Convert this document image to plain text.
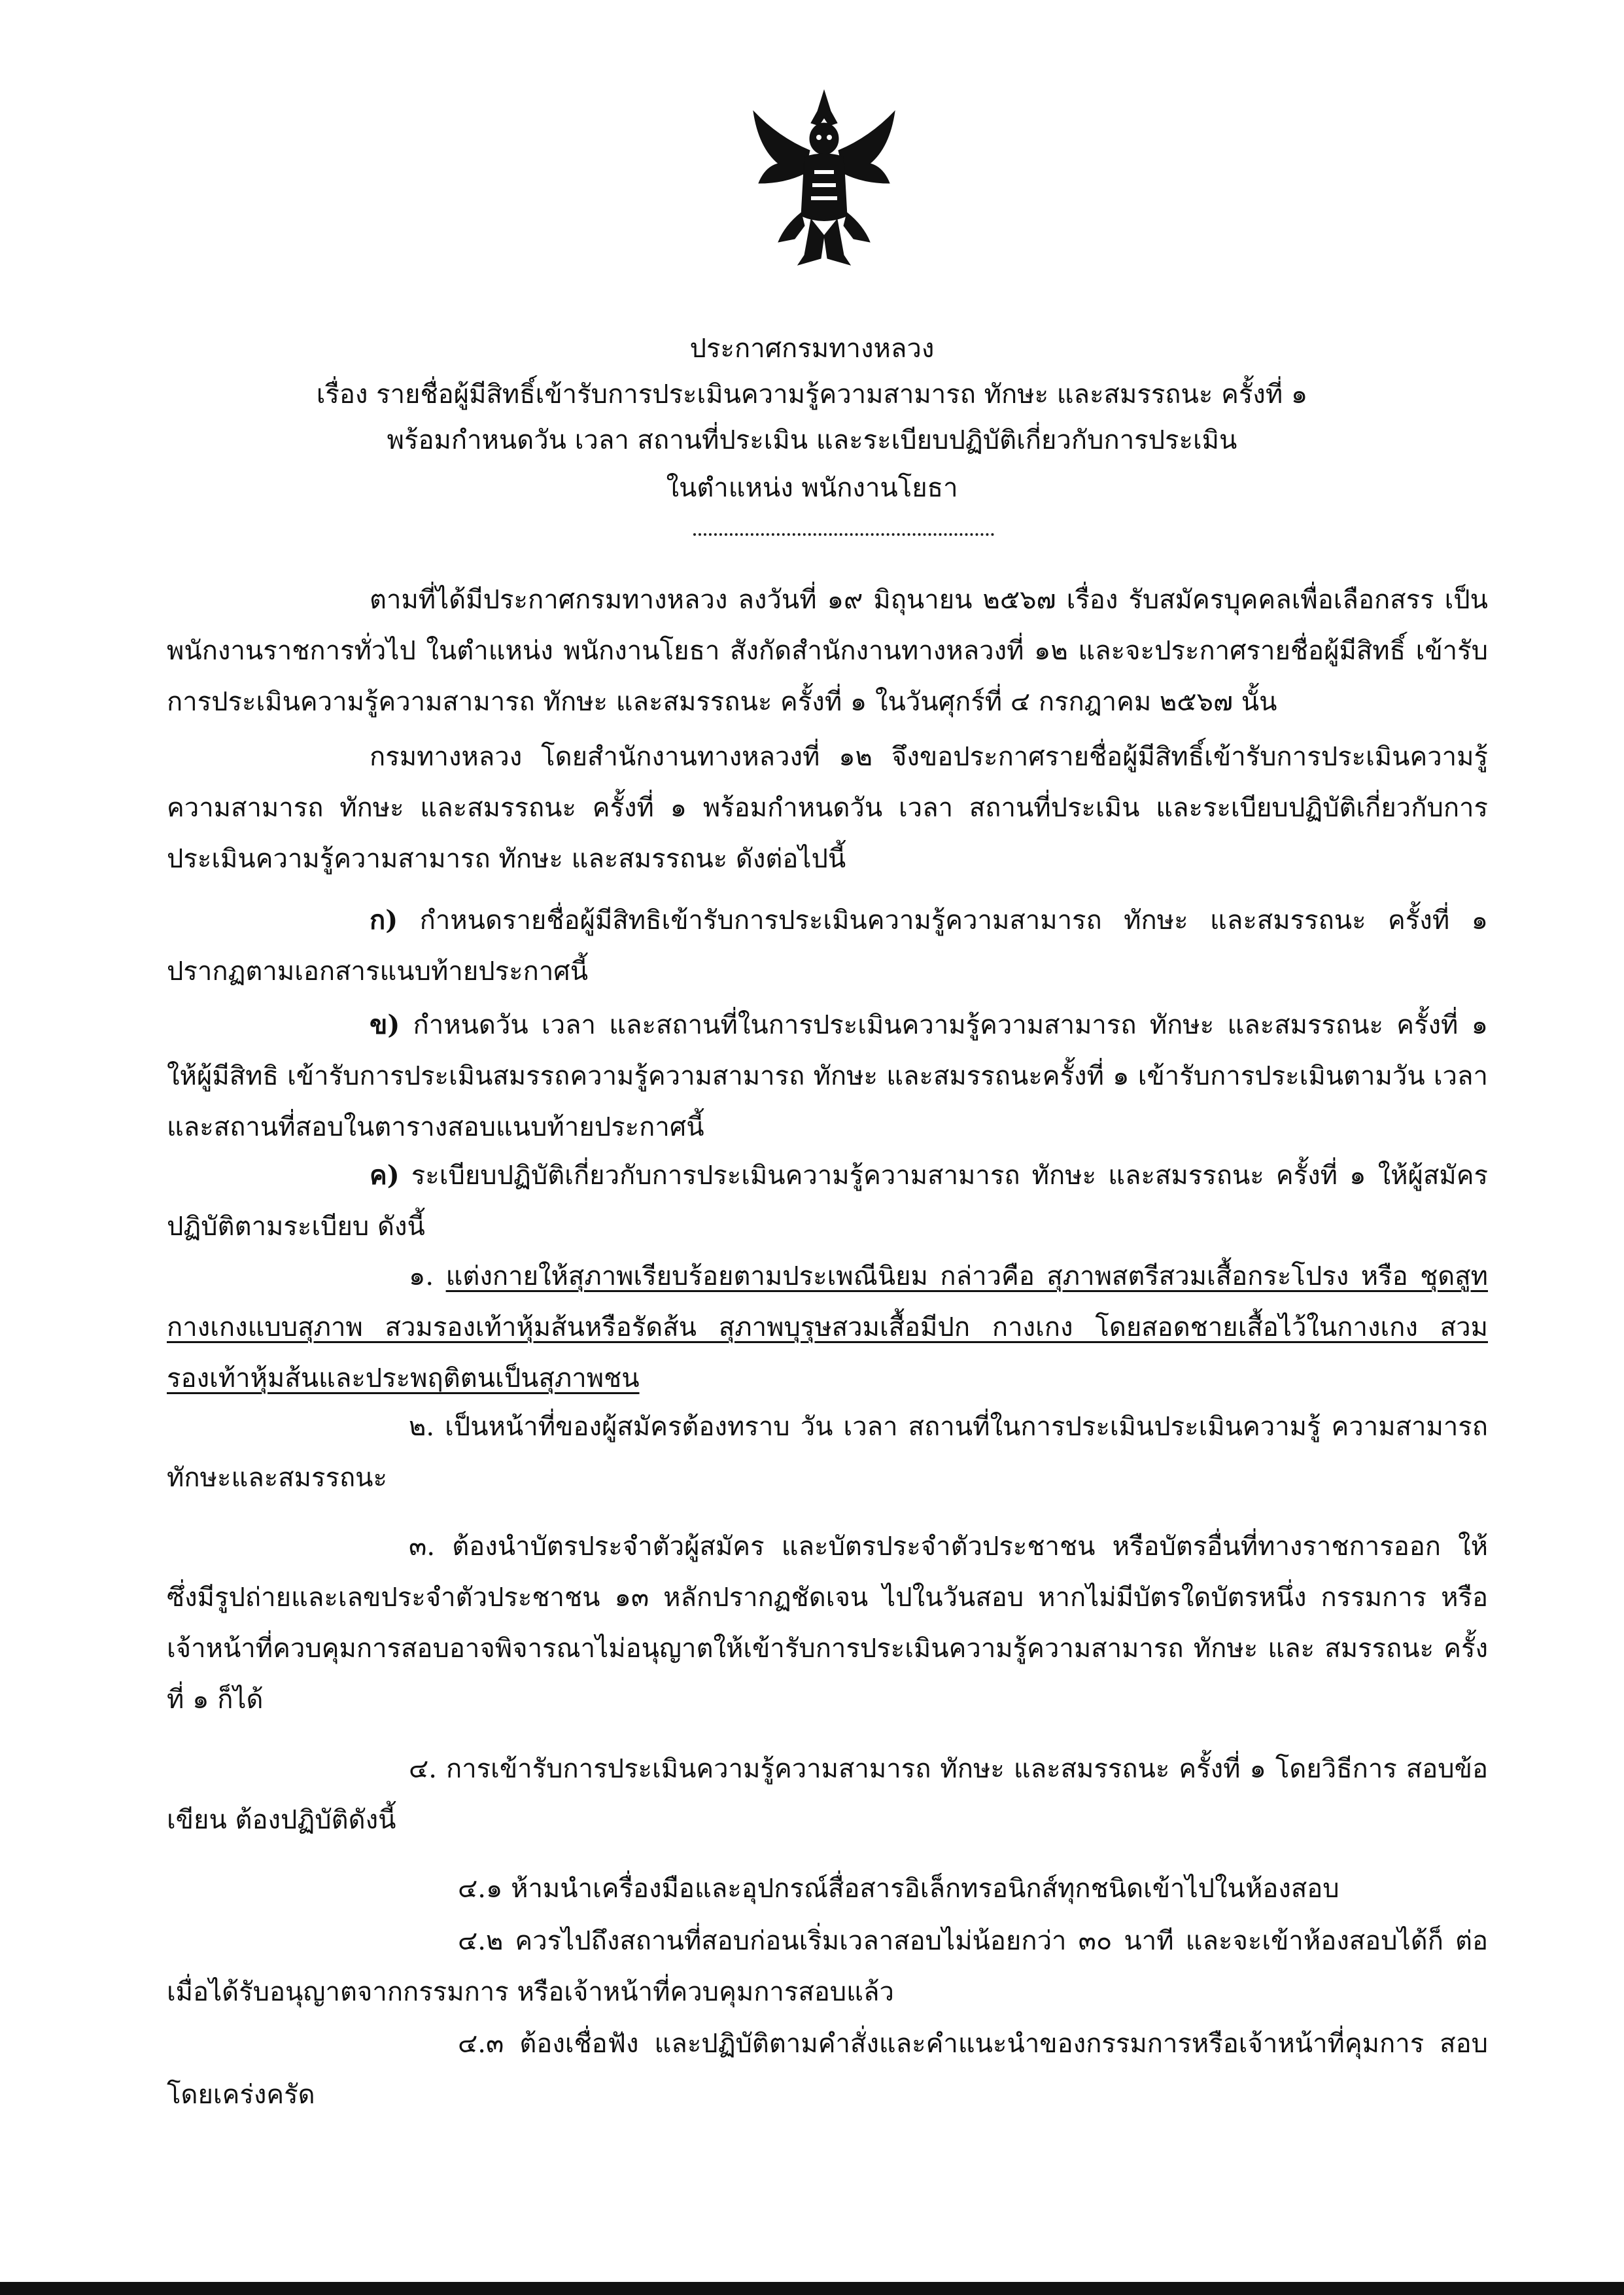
ประกาศกรมทางหลวง
เรื่อง รายชื่อผู้มีสิทธิ์เข้ารับการประเมินความรู้ความสามารถ ทักษะ และสมรรถนะ ครั้งที่ ๑
พร้อมกำหนดวัน เวลา สถานที่ประเมิน และระเบียบปฏิบัติเกี่ยวกับการประเมิน
ในตำแหน่ง พนักงานโยธา
ตามที่ได้มีประกาศกรมทางหลวง ลงวันที่ ๑๙ มิถุนายน ๒๕๖๗ เรื่อง รับสมัครบุคคลเพื่อเลือกสรร เป็นพนักงานราชการทั่วไป ในตำแหน่ง พนักงานโยธา สังกัดสำนักงานทางหลวงที่ ๑๒ และจะประกาศรายชื่อผู้มีสิทธิ์ เข้ารับการประเมินความรู้ความสามารถ ทักษะ และสมรรถนะ ครั้งที่ ๑ ในวันศุกร์ที่ ๔ กรกฎาคม ๒๕๖๗ นั้น
กรมทางหลวง โดยสำนักงานทางหลวงที่ ๑๒ จึงขอประกาศรายชื่อผู้มีสิทธิ์เข้ารับการประเมินความรู้ ความสามารถ ทักษะ และสมรรถนะ ครั้งที่ ๑ พร้อมกำหนดวัน เวลา สถานที่ประเมิน และระเบียบปฏิบัติเกี่ยวกับการ ประเมินความรู้ความสามารถ ทักษะ และสมรรถนะ ดังต่อไปนี้
ก) กำหนดรายชื่อผู้มีสิทธิเข้ารับการประเมินความรู้ความสามารถ ทักษะ และสมรรถนะ ครั้งที่ ๑ ปรากฏตามเอกสารแนบท้ายประกาศนี้
ข) กำหนดวัน เวลา และสถานที่ในการประเมินความรู้ความสามารถ ทักษะ และสมรรถนะ ครั้งที่ ๑ ให้ผู้มีสิทธิ เข้ารับการประเมินสมรรถความรู้ความสามารถ ทักษะ และสมรรถนะครั้งที่ ๑ เข้ารับการประเมินตามวัน เวลา และสถานที่สอบในตารางสอบแนบท้ายประกาศนี้
ค) ระเบียบปฏิบัติเกี่ยวกับการประเมินความรู้ความสามารถ ทักษะ และสมรรถนะ ครั้งที่ ๑ ให้ผู้สมัครปฏิบัติตามระเบียบ ดังนี้
๑. แต่งกายให้สุภาพเรียบร้อยตามประเพณีนิยม กล่าวคือ สุภาพสตรีสวมเสื้อกระโปรง หรือ ชุดสูทกางเกงแบบสุภาพ สวมรองเท้าหุ้มส้นหรือรัดส้น สุภาพบุรุษสวมเสื้อมีปก กางเกง โดยสอดชายเสื้อไว้ในกางเกง สวมรองเท้าหุ้มส้นและประพฤติตนเป็นสุภาพชน
๒. เป็นหน้าที่ของผู้สมัครต้องทราบ วัน เวลา สถานที่ในการประเมินประเมินความรู้ ความสามารถทักษะและสมรรถนะ
๓. ต้องนำบัตรประจำตัวผู้สมัคร และบัตรประจำตัวประชาชน หรือบัตรอื่นที่ทางราชการออก ให้ ซึ่งมีรูปถ่ายและเลขประจำตัวประชาชน ๑๓ หลักปรากฏชัดเจน ไปในวันสอบ หากไม่มีบัตรใดบัตรหนึ่ง กรรมการ หรือเจ้าหน้าที่ควบคุมการสอบอาจพิจารณาไม่อนุญาตให้เข้ารับการประเมินความรู้ความสามารถ ทักษะ และ สมรรถนะ ครั้งที่ ๑ ก็ได้
๔. การเข้ารับการประเมินความรู้ความสามารถ ทักษะ และสมรรถนะ ครั้งที่ ๑ โดยวิธีการ สอบข้อเขียน ต้องปฏิบัติดังนี้
๔.๑ ห้ามนำเครื่องมือและอุปกรณ์สื่อสารอิเล็กทรอนิกส์ทุกชนิดเข้าไปในห้องสอบ
๔.๒ ควรไปถึงสถานที่สอบก่อนเริ่มเวลาสอบไม่น้อยกว่า ๓๐ นาที และจะเข้าห้องสอบได้ก็ ต่อเมื่อได้รับอนุญาตจากกรรมการ หรือเจ้าหน้าที่ควบคุมการสอบแล้ว
๔.๓ ต้องเชื่อฟัง และปฏิบัติตามคำสั่งและคำแนะนำของกรรมการหรือเจ้าหน้าที่คุมการ สอบโดยเคร่งครัด
